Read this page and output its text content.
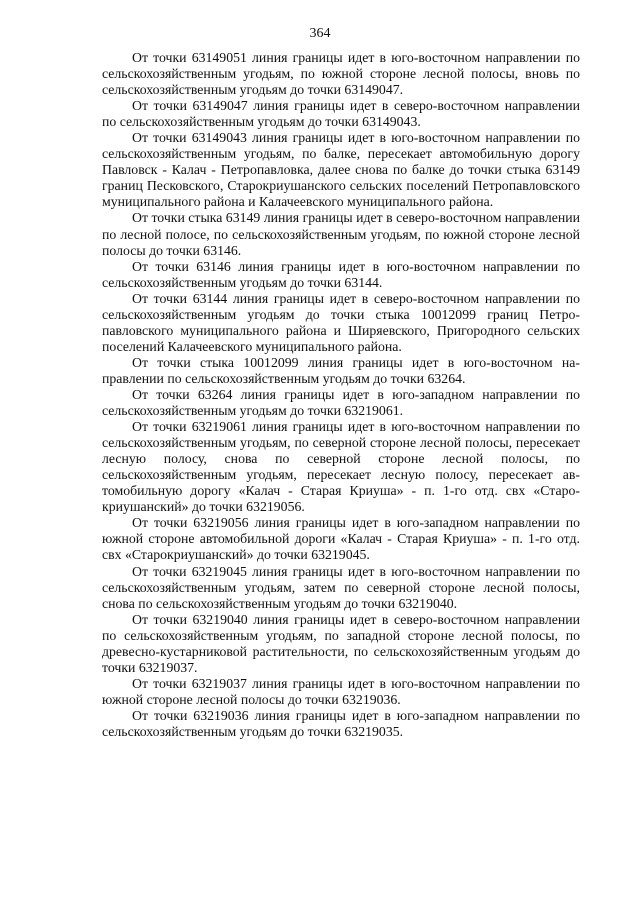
364

От точки 63149051 линия границы идет в юго-восточном направлении по сельскохозяйственным угодьям, по южной стороне лесной полосы, вновь по сельскохозяйственным угодьям до точки 63149047.

От точки 63149047 линия границы идет в северо-восточном направлении по сельскохозяйственным угодьям до точки 63149043.

От точки 63149043 линия границы идет в юго-восточном направлении по сельскохозяйственным угодьям, по балке, пересекает автомобильную дорогу Павловск - Калач - Петропавловка, далее снова по балке до точки стыка 63149 границ Песковского, Старокриушанского сельских поселений Петропавловского муниципального района и Калачеевского муниципального района.

От точки стыка 63149 линия границы идет в северо-восточном направлении по лесной полосе, по сельскохозяйственным угодьям, по южной стороне лесной полосы до точки 63146.

От точки 63146 линия границы идет в юго-восточном направлении по сельскохозяйственным угодьям до точки 63144.

От точки 63144 линия границы идет в северо-восточном направлении по сельскохозяйственным угодьям до точки стыка 10012099 границ Петропавловского муниципального района и Ширяевского, Пригородного сельских поселений Калачеевского муниципального района.

От точки стыка 10012099 линия границы идет в юго-восточном направлении по сельскохозяйственным угодьям до точки 63264.

От точки 63264 линия границы идет в юго-западном направлении по сельскохозяйственным угодьям до точки 63219061.

От точки 63219061 линия границы идет в юго-восточном направлении по сельскохозяйственным угодьям, по северной стороне лесной полосы, пересекает лесную полосу, снова по северной стороне лесной полосы, по сельскохозяйственным угодьям, пересекает лесную полосу, пересекает автомобильную дорогу «Калач - Старая Криуша» - п. 1-го отд. свх «Старокриушанский» до точки 63219056.

От точки 63219056 линия границы идет в юго-западном направлении по южной стороне автомобильной дороги «Калач - Старая Криуша» - п. 1-го отд. свх «Старокриушанский» до точки 63219045.

От точки 63219045 линия границы идет в юго-восточном направлении по сельскохозяйственным угодьям, затем по северной стороне лесной полосы, снова по сельскохозяйственным угодьям до точки 63219040.

От точки 63219040 линия границы идет в северо-восточном направлении по сельскохозяйственным угодьям, по западной стороне лесной полосы, по древесно-кустарниковой растительности, по сельскохозяйственным угодьям до точки 63219037.

От точки 63219037 линия границы идет в юго-восточном направлении по южной стороне лесной полосы до точки 63219036.

От точки 63219036 линия границы идет в юго-западном направлении по сельскохозяйственным угодьям до точки 63219035.
